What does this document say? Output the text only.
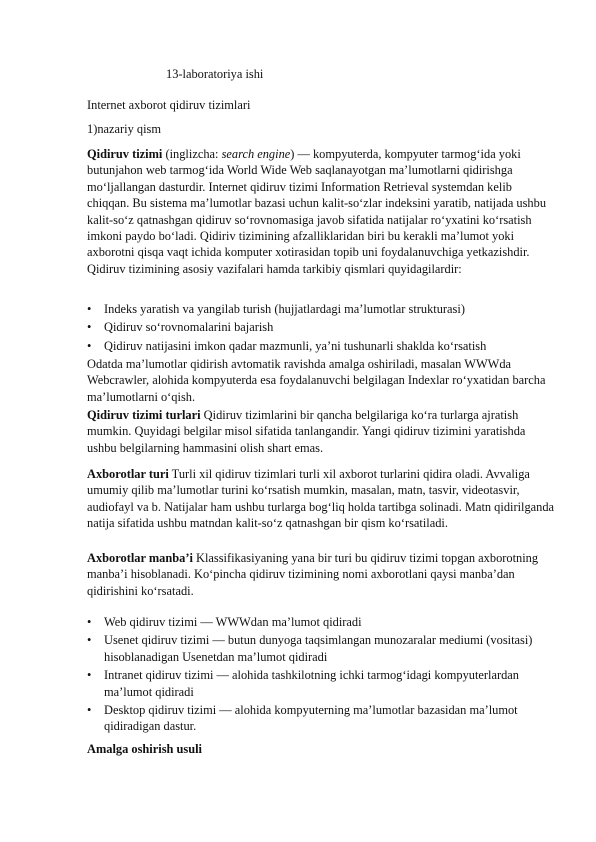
13-laboratoriya ishi
Internet axborot qidiruv tizimlari
1)nazariy qism

Qidiruv tizimi (inglizcha: search engine) — kompyuterda, kompyuter tarmog‘ida yoki butunjahon web tarmog‘ida World Wide Web saqlanayotgan ma’lumotlarni qidirishga mo‘ljallangan dasturdir. Internet qidiruv tizimi Information Retrieval systemdan kelib chiqqan. Bu sistema ma’lumotlar bazasi uchun kalit-so‘zlar indeksini yaratib, natijada ushbu kalit-so‘z qatnashgan qidiruv so‘rovnomasiga javob sifatida natijalar ro‘yxatini ko‘rsatish imkoni paydo bo‘ladi. Qidiriv tizimining afzalliklaridan biri bu kerakli ma’lumot yoki axborotni qisqa vaqt ichida komputer xotirasidan topib uni foydalanuvchiga yetkazishdir. Qidiruv tizimining asosiy vazifalari hamda tarkibiy qismlari quyidagilardir:

• Indeks yaratish va yangilab turish (hujjatlardagi ma’lumotlar strukturasi)
• Qidiruv so‘rovnomalarini bajarish
• Qidiruv natijasini imkon qadar mazmunli, ya’ni tushunarli shaklda ko‘rsatish

Odatda ma’lumotlar qidirish avtomatik ravishda amalga oshiriladi, masalan WWWda Webcrawler, alohida kompyuterda esa foydalanuvchi belgilagan Indexlar ro‘yxatidan barcha ma’lumotlarni o‘qish.

Qidiruv tizimi turlari Qidiruv tizimlarini bir qancha belgilariga ko‘ra turlarga ajratish mumkin. Quyidagi belgilar misol sifatida tanlangandir. Yangi qidiruv tizimini yaratishda ushbu belgilarning hammasini olish shart emas.

Axborotlar turi Turli xil qidiruv tizimlari turli xil axborot turlarini qidira oladi. Avvaliga umumiy qilib ma’lumotlar turini ko‘rsatish mumkin, masalan, matn, tasvir, videotasvir, audiofayl va b. Natijalar ham ushbu turlarga bog‘liq holda tartibga solinadi. Matn qidirilganda natija sifatida ushbu matndan kalit-so‘z qatnashgan bir qism ko‘rsatiladi.

Axborotlar manba’i Klassifikasiyaning yana bir turi bu qidiruv tizimi topgan axborotning manba’i hisoblanadi. Ko‘pincha qidiruv tizimining nomi axborotlani qaysi manba’dan qidirishini ko‘rsatadi.

• Web qidiruv tizimi — WWWdan ma’lumot qidiradi
• Usenet qidiruv tizimi — butun dunyoga taqsimlangan munozaralar mediumi (vositasi) hisoblanadigan Usenetdan ma’lumot qidiradi
• Intranet qidiruv tizimi — alohida tashkilotning ichki tarmog‘idagi kompyuterlardan ma’lumot qidiradi
• Desktop qidiruv tizimi — alohida kompyuterning ma’lumotlar bazasidan ma’lumot qidiradigan dastur.

Amalga oshirish usuli
